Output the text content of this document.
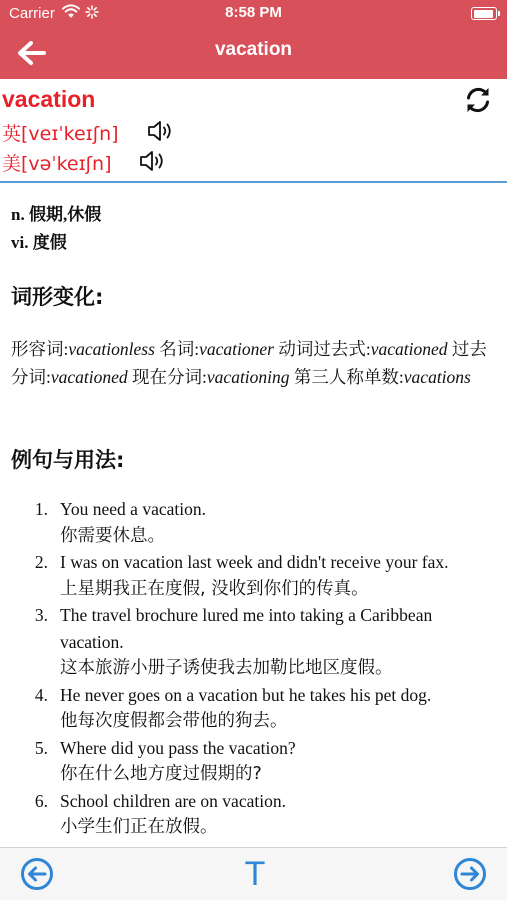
Carrier	8:58 PM
vacation
vacation
英[veɪˈkeɪʃn]
美[vəˈkeɪʃn]
n. 假期,休假
vi. 度假
词形变化:
形容词:vacationless 名词:vacationer 动词过去式:vacationed 过去分词:vacationed 现在分词:vacationing 第三人称单数:vacations
例句与用法:
1. You need a vacation.
你需要休息。
2. I was on vacation last week and didn't receive your fax.
上星期我正在度假, 没收到你们的传真。
3. The travel brochure lured me into taking a Caribbean vacation.
这本旅游小册子诱使我去加勒比地区度假。
4. He never goes on a vacation but he takes his pet dog.
他每次度假都会带他的狗去。
5. Where did you pass the vacation?
你在什么地方度过假期的?
6. School children are on vacation.
小学生们正在放假。
T
